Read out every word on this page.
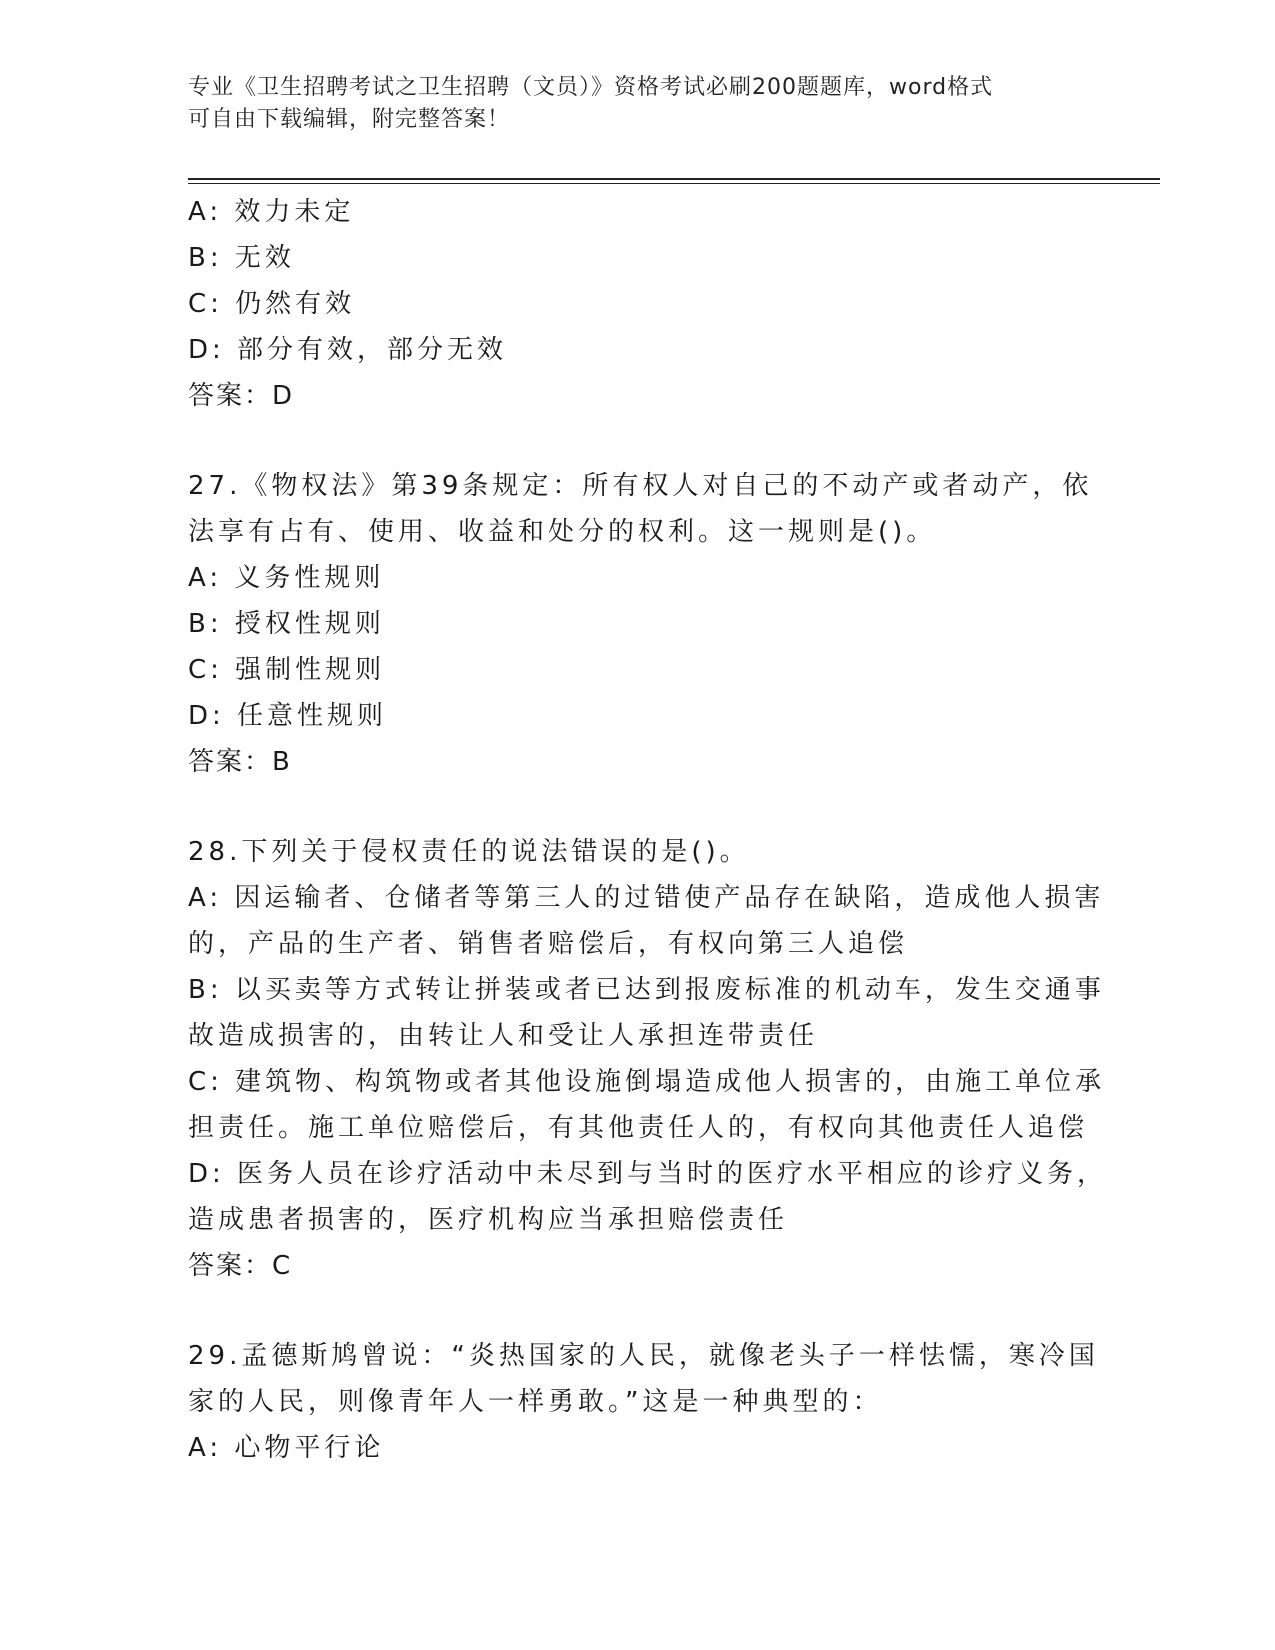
专业《卫生招聘考试之卫生招聘（文员）》资格考试必刷200题题库，word格式
可自由下载编辑，附完整答案！
A: 效力未定
B: 无效
C: 仍然有效
D: 部分有效，部分无效
答案：D
27.《物权法》第39条规定：所有权人对自己的不动产或者动产，依
法享有占有、使用、收益和处分的权利。这一规则是()。
A: 义务性规则
B: 授权性规则
C: 强制性规则
D: 任意性规则
答案：B
28.下列关于侵权责任的说法错误的是()。
A: 因运输者、仓储者等第三人的过错使产品存在缺陷，造成他人损害
的，产品的生产者、销售者赔偿后，有权向第三人追偿
B: 以买卖等方式转让拼装或者已达到报废标准的机动车，发生交通事
故造成损害的，由转让人和受让人承担连带责任
C: 建筑物、构筑物或者其他设施倒塌造成他人损害的，由施工单位承
担责任。施工单位赔偿后，有其他责任人的，有权向其他责任人追偿
D: 医务人员在诊疗活动中未尽到与当时的医疗水平相应的诊疗义务，
造成患者损害的，医疗机构应当承担赔偿责任
答案：C
29.孟德斯鸠曾说：“炎热国家的人民，就像老头子一样怯懦，寒冷国
家的人民，则像青年人一样勇敢。”这是一种典型的：
A: 心物平行论
